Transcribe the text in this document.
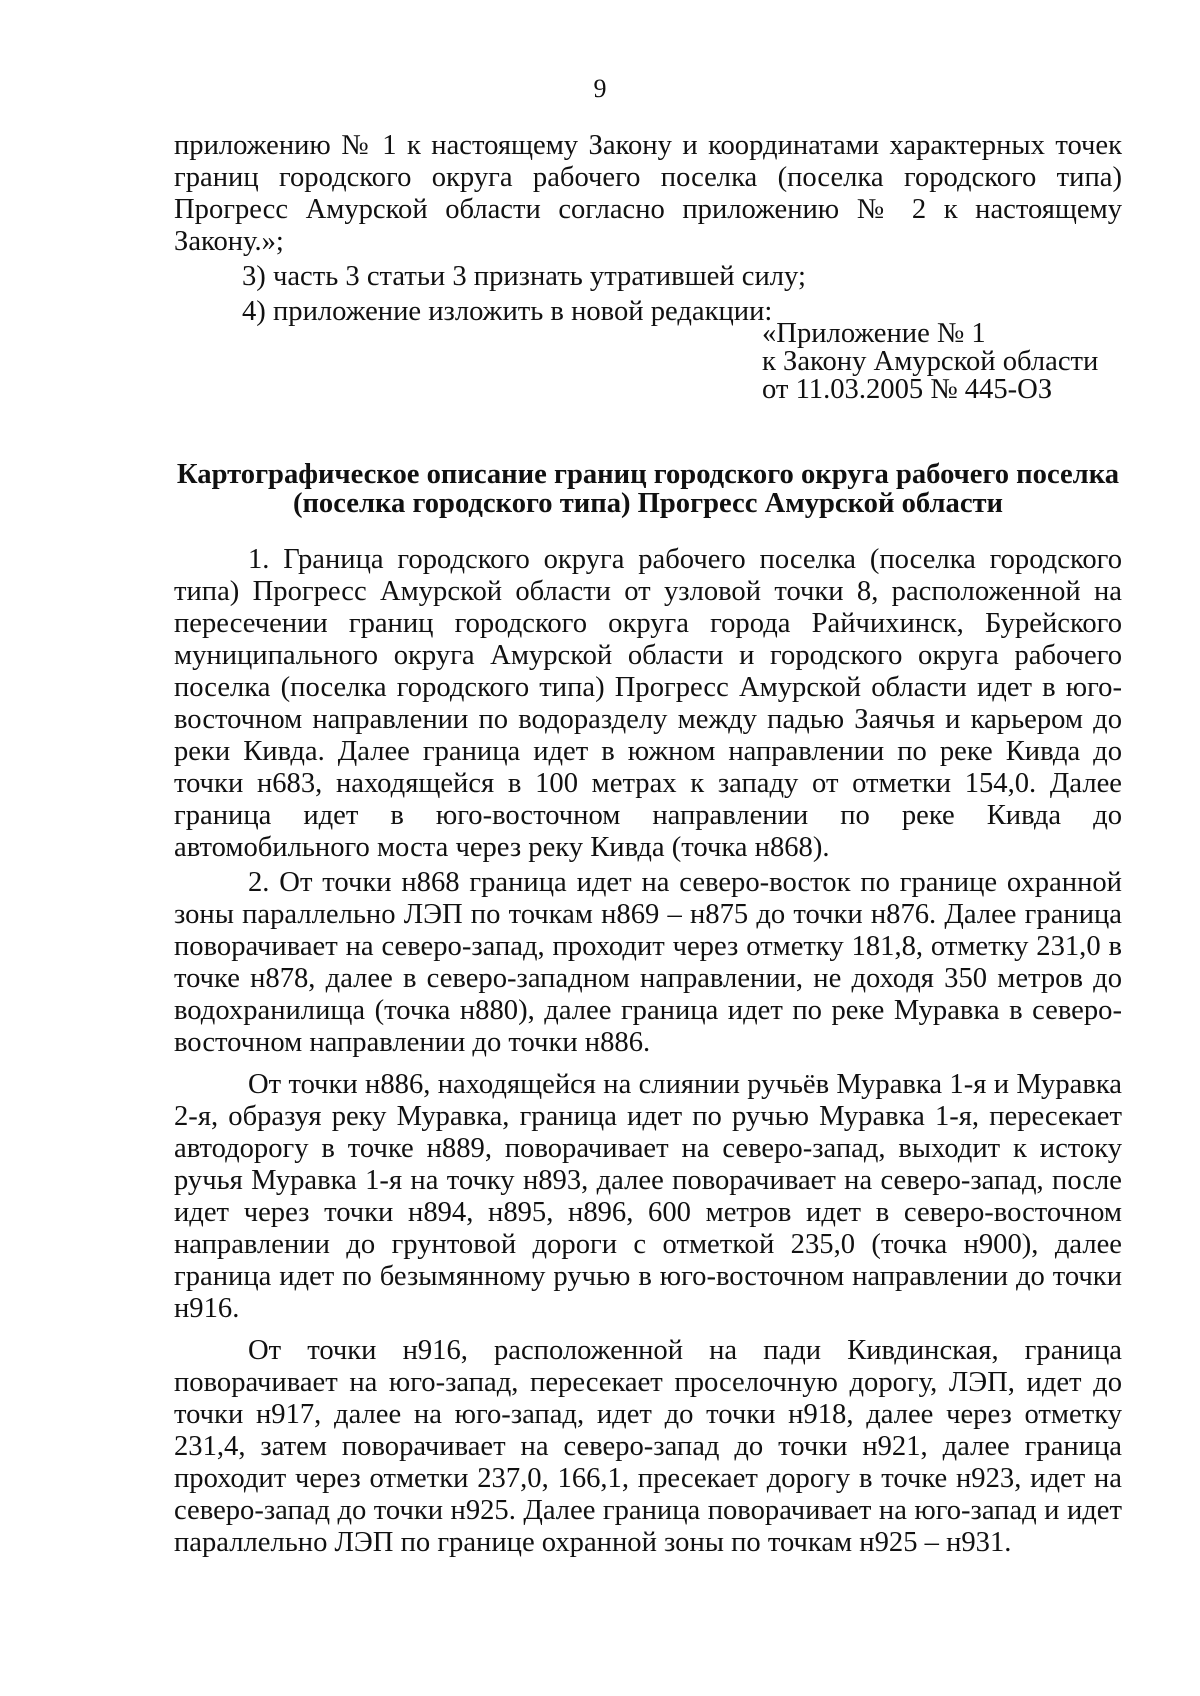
9

приложению № 1 к настоящему Закону и координатами характерных точек границ городского округа рабочего поселка (поселка городского типа) Прогресс Амурской области согласно приложению № 2 к настоящему Закону.»;

3) часть 3 статьи 3 признать утратившей силу;

4) приложение изложить в новой редакции:

«Приложение № 1
к Закону Амурской области
от 11.03.2005 № 445-ОЗ
Картографическое описание границ городского округа рабочего поселка
(поселка городского типа) Прогресс Амурской области

1. Граница городского округа рабочего поселка (поселка городского типа) Прогресс Амурской области от узловой точки 8, расположенной на пересечении границ городского округа города Райчихинск, Бурейского муниципального округа Амурской области и городского округа рабочего поселка (поселка городского типа) Прогресс Амурской области идет в юго-восточном направлении по водоразделу между падью Заячья и карьером до реки Кивда. Далее граница идет в южном направлении по реке Кивда до точки н683, находящейся в 100 метрах к западу от отметки 154,0. Далее граница идет в юго-восточном направлении по реке Кивда до автомобильного моста через реку Кивда (точка н868).

2. От точки н868 граница идет на северо-восток по границе охранной зоны параллельно ЛЭП по точкам н869 – н875 до точки н876. Далее граница поворачивает на северо-запад, проходит через отметку 181,8, отметку 231,0 в точке н878, далее в северо-западном направлении, не доходя 350 метров до водохранилища (точка н880), далее граница идет по реке Муравка в северо-восточном направлении до точки н886.

От точки н886, находящейся на слиянии ручьёв Муравка 1-я и Муравка 2-я, образуя реку Муравка, граница идет по ручью Муравка 1-я, пересекает автодорогу в точке н889, поворачивает на северо-запад, выходит к истоку ручья Муравка 1-я на точку н893, далее поворачивает на северо-запад, после идет через точки н894, н895, н896, 600 метров идет в северо-восточном направлении до грунтовой дороги с отметкой 235,0 (точка н900), далее граница идет по безымянному ручью в юго-восточном направлении до точки н916.

От точки н916, расположенной на пади Кивдинская, граница поворачивает на юго-запад, пересекает проселочную дорогу, ЛЭП, идет до точки н917, далее на юго-запад, идет до точки н918, далее через отметку 231,4, затем поворачивает на северо-запад до точки н921, далее граница проходит через отметки 237,0, 166,1, пресекает дорогу в точке н923, идет на северо-запад до точки н925. Далее граница поворачивает на юго-запад и идет параллельно ЛЭП по границе охранной зоны по точкам н925 – н931.
